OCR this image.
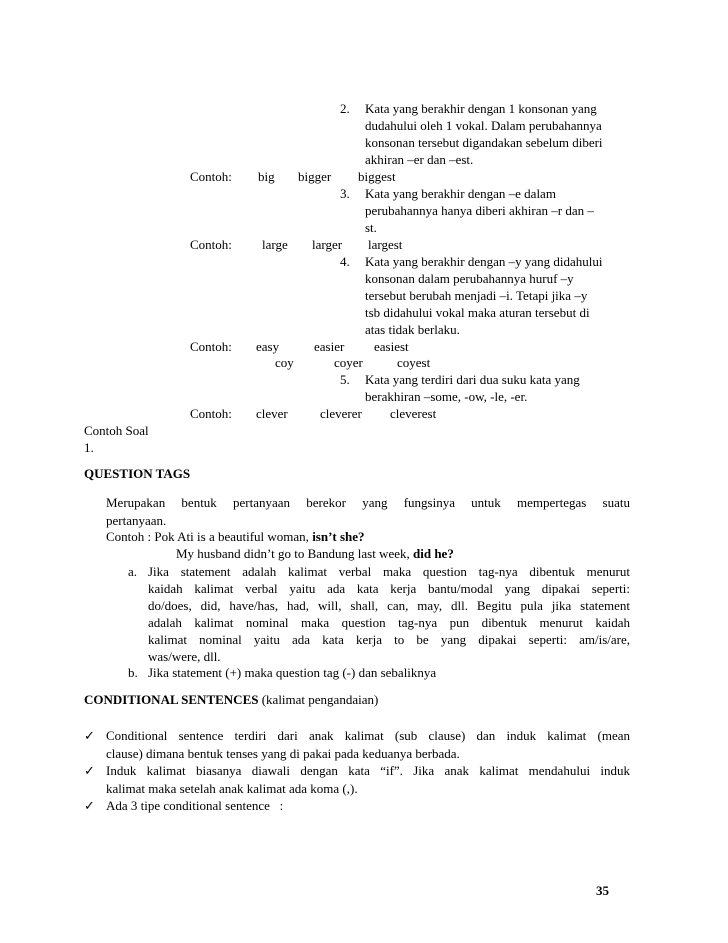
2. Kata yang berakhir dengan 1 konsonan yang
dudahului oleh 1 vokal. Dalam perubahannya
konsonan tersebut digandakan sebelum diberi
akhiran –er dan –est.
Contoh: big bigger biggest
3. Kata yang berakhir dengan –e dalam
perubahannya hanya diberi akhiran –r dan –
st.
Contoh: large larger largest
4. Kata yang berakhir dengan –y yang didahului
konsonan dalam perubahannya huruf –y
tersebut berubah menjadi –i. Tetapi jika –y
tsb didahului vokal maka aturan tersebut di
atas tidak berlaku.
Contoh: easy	easier easiest
coy	coyer	coyest
5. Kata yang terdiri dari dua suku kata yang
berakhiran –some, -ow, -le, -er.
Contoh: clever cleverer cleverest
Contoh Soal
1.
QUESTION TAGS
Merupakan bentuk pertanyaan berekor yang fungsinya untuk mempertegas suatu
pertanyaan.
Contoh : Pok Ati is a beautiful woman, isn’t she?
My husband didn’t go to Bandung last week, did he?
a. Jika statement adalah kalimat verbal maka question tag-nya dibentuk menurut
kaidah kalimat verbal yaitu ada kata kerja bantu/modal yang dipakai seperti:
do/does, did, have/has, had, will, shall, can, may, dll. Begitu pula jika statement
adalah kalimat nominal maka question tag-nya pun dibentuk menurut kaidah
kalimat nominal yaitu ada kata kerja to be yang dipakai seperti: am/is/are,
was/were, dll.
b. Jika statement (+) maka question tag (-) dan sebaliknya
CONDITIONAL SENTENCES (kalimat pengandaian)
✓ Conditional sentence terdiri dari anak kalimat (sub clause) dan induk kalimat (mean
clause) dimana bentuk tenses yang di pakai pada keduanya berbada.
✓ Induk kalimat biasanya diawali dengan kata “if”. Jika anak kalimat mendahului induk
kalimat maka setelah anak kalimat ada koma (,).
✓ Ada 3 tipe conditional sentence   :
35
